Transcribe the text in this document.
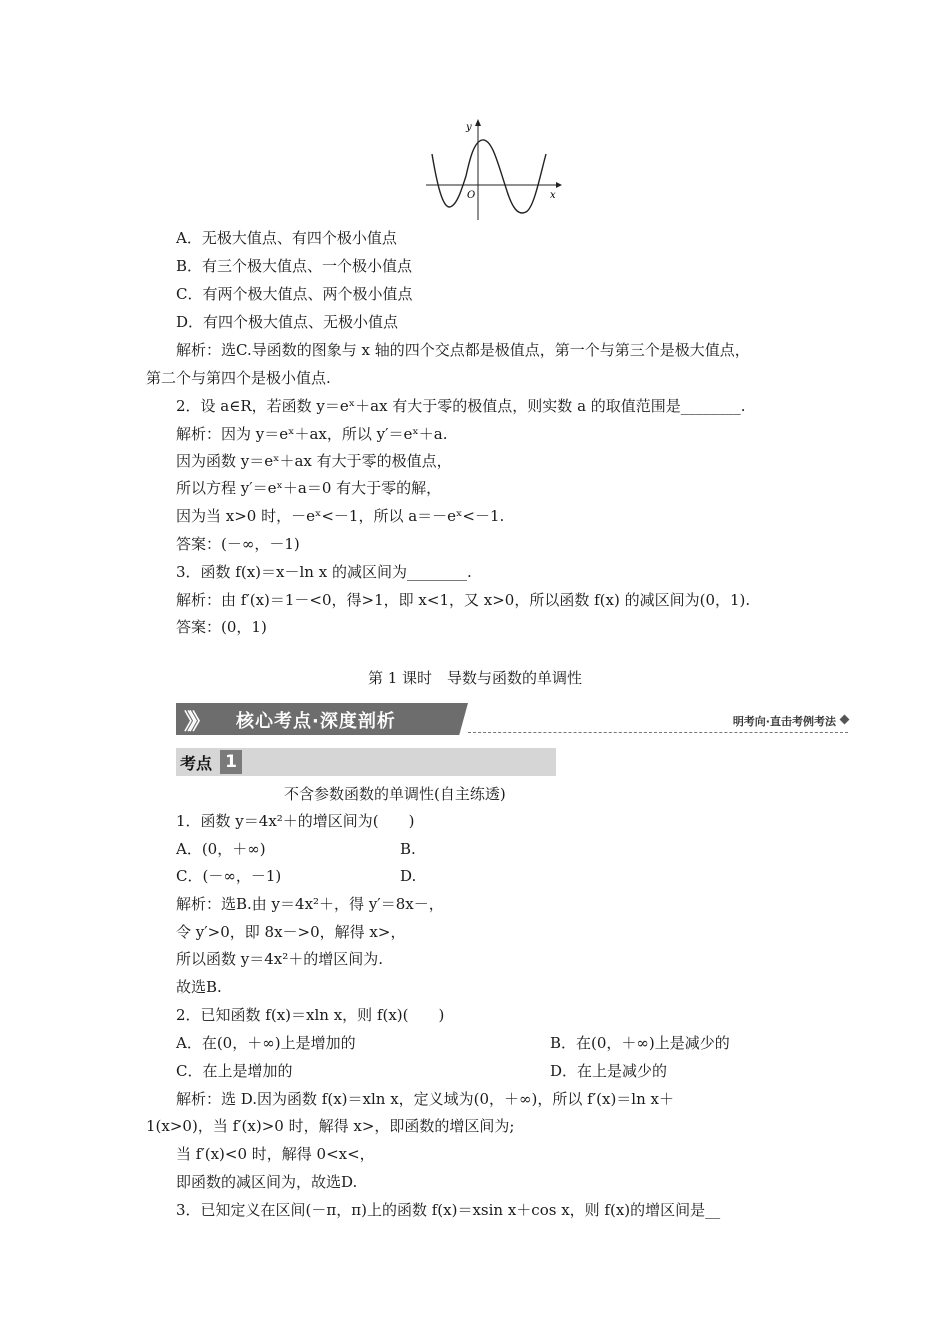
y
x
O
A．无极大值点、有四个极小值点
B．有三个极大值点、一个极小值点
C．有两个极大值点、两个极小值点
D．有四个极大值点、无极小值点
解析：选C.导函数的图象与 x 轴的四个交点都是极值点，第一个与第三个是极大值点，
第二个与第四个是极小值点.
2．设 a∈R，若函数 y＝eˣ＋ax 有大于零的极值点，则实数 a 的取值范围是________.
解析：因为 y＝eˣ＋ax，所以 y′＝eˣ＋a.
因为函数 y＝eˣ＋ax 有大于零的极值点，
所以方程 y′＝eˣ＋a＝0 有大于零的解，
因为当 x>0 时，－eˣ<－1，所以 a＝－eˣ<－1.
答案：(－∞，－1)
3．函数 f(x)＝x－ln x 的减区间为________.
解析：由 f′(x)＝1－<0，得>1，即 x<1，又 x>0，所以函数 f(x) 的减区间为(0，1).
答案：(0，1)
第 1 课时　导数与函数的单调性
》》 核心考点·深度剖析	明考向·直击考例考法
考点 1
不含参数函数的单调性(自主练透)
1．函数 y＝4x²＋的增区间为(　　)
A．(0，＋∞)	B.
C．(－∞，－1)	D.
解析：选B.由 y＝4x²＋，得 y′＝8x－，
令 y′>0，即 8x－>0，解得 x>，
所以函数 y＝4x²＋的增区间为.
故选B.
2．已知函数 f(x)＝xln x，则 f(x)(　　)
A．在(0，＋∞)上是增加的	B．在(0，＋∞)上是减少的
C．在上是增加的	D．在上是减少的
解析：选 D.因为函数 f(x)＝xln x，定义域为(0，＋∞)，所以 f′(x)＝ln x＋
1(x>0)，当 f′(x)>0 时，解得 x>，即函数的增区间为;
当 f′(x)<0 时，解得 0<x<，
即函数的减区间为，故选D.
3．已知定义在区间(－π，π)上的函数 f(x)＝xsin x＋cos x，则 f(x)的增区间是__
